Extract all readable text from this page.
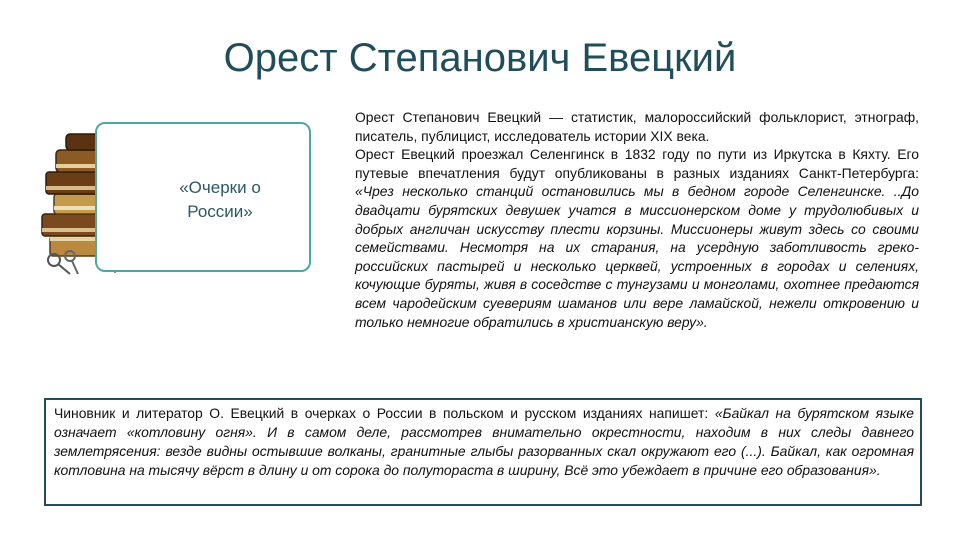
Орест Степанович Евецкий
«Очерки о России»

Орест Степанович Евецкий — статистик, малороссийский фольклорист, этнограф, писатель, публицист, исследователь истории XIX века.

Орест Евецкий проезжал Селенгинск в 1832 году по пути из Иркутска в Кяхту. Его путевые впечатления будут опубликованы в разных изданиях Санкт-Петербурга: «Чрез несколько станций остановились мы в бедном городе Селенгинске. ..До двадцати бурятских девушек учатся в миссионерском доме у трудолюбивых и добрых англичан искусству плести корзины. Миссионеры живут здесь со своими семействами. Несмотря на их старания, на усердную заботливость греко-российских пастырей и несколько церквей, устроенных в городах и селениях, кочующие буряты, живя в соседстве с тунгузами и монголами, охотнее предаются всем чародейским суевериям шаманов или вере ламайской, нежели откровению и только немногие обратились в христианскую веру».

Чиновник и литератор О. Евецкий в очерках о России в польском и русском изданиях напишет: «Байкал на бурятском языке означает «котловину огня». И в самом деле, рассмотрев внимательно окрестности, находим в них следы давнего землетрясения: везде видны остывшие волканы, гранитные глыбы разорванных скал окружают его (...). Байкал, как огромная котловина на тысячу вёрст в длину и от сорока до полутораста в ширину, Всё это убеждает в причине его образования».
